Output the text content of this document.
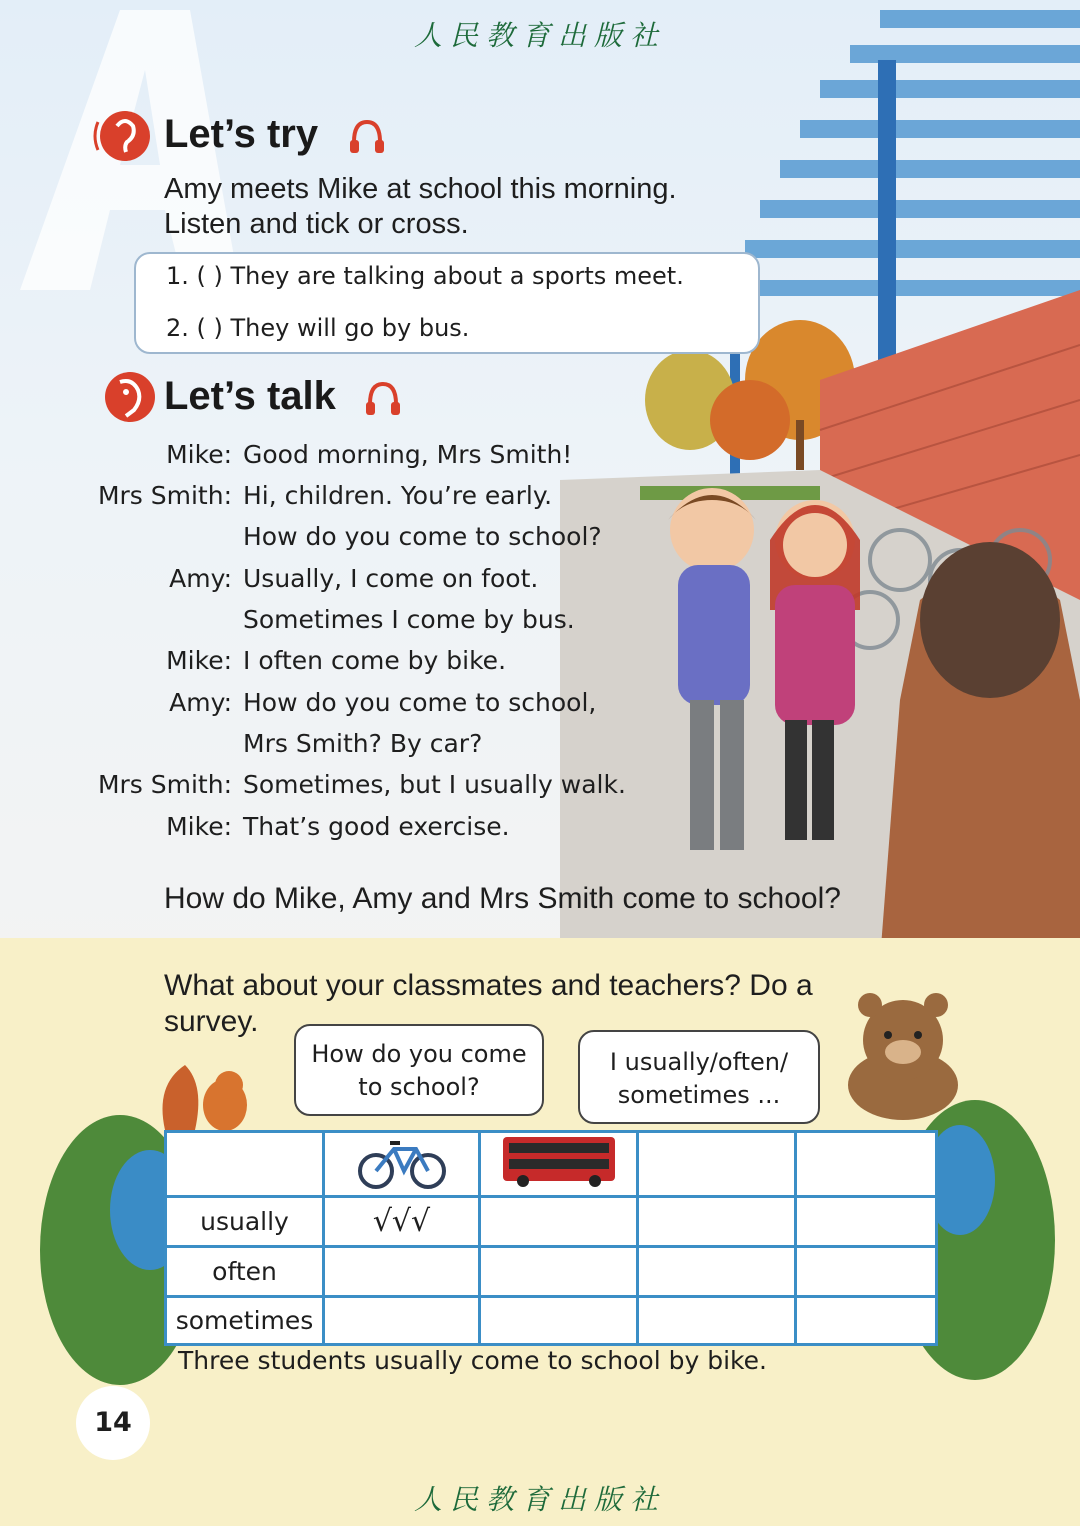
人民教育出版社
Let’s try
Amy meets Mike at school this morning.
Listen and tick or cross.
1. ( ) They are talking about a sports meet.
2. ( ) They will go by bus.
Let’s talk
Mike: Good morning, Mrs Smith!
Mrs Smith: Hi, children. You’re early.
How do you come to school?
Amy: Usually, I come on foot.
Sometimes I come by bus.
Mike: I often come by bike.
Amy: How do you come to school,
Mrs Smith? By car?
Mrs Smith: Sometimes, but I usually walk.
Mike: That’s good exercise.
How do Mike, Amy and Mrs Smith come to school?
What about your classmates and teachers? Do a
survey.
How do you come
to school?
I usually/often/
sometimes ...

usually	√√√			
often				
sometimes				
Three students usually come to school by bike.
14
人民教育出版社
